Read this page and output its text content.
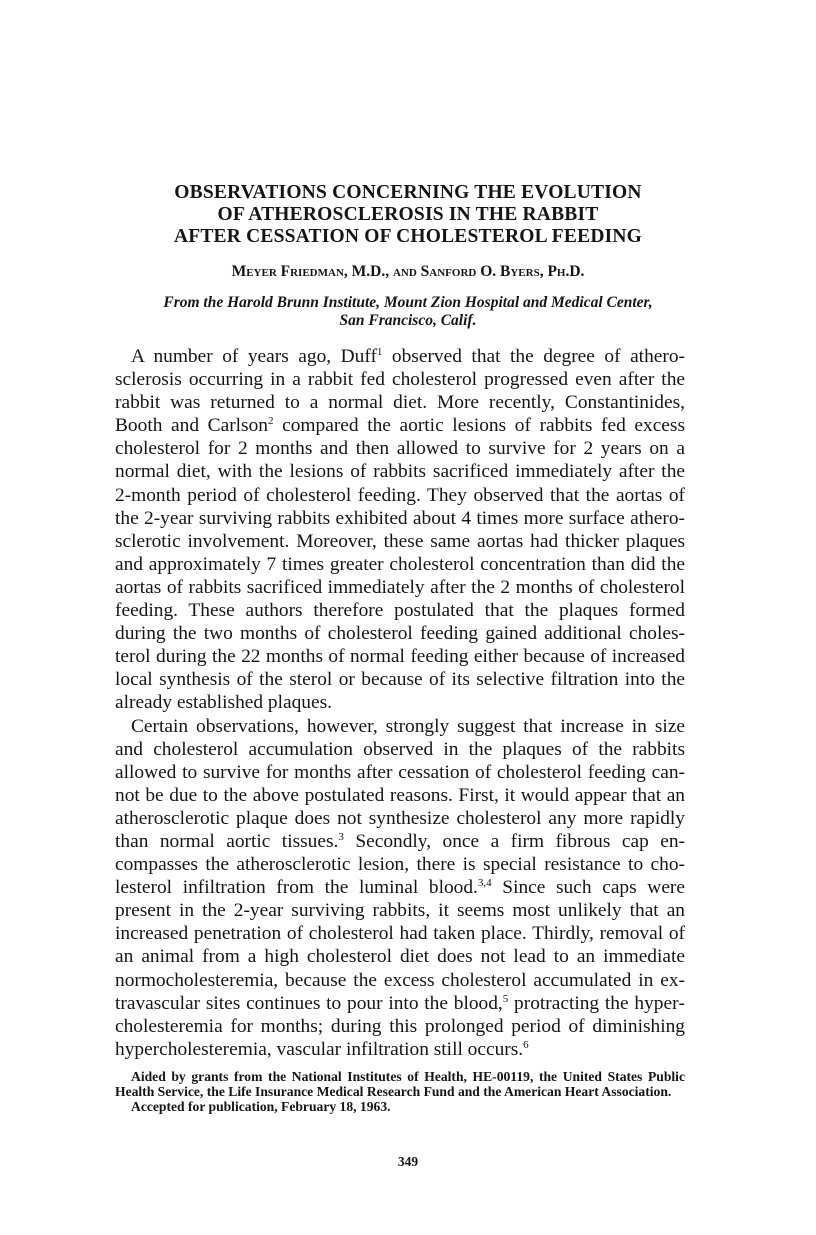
OBSERVATIONS CONCERNING THE EVOLUTION
OF ATHEROSCLEROSIS IN THE RABBIT
AFTER CESSATION OF CHOLESTEROL FEEDING
Meyer Friedman, M.D., and Sanford O. Byers, Ph.D.
From the Harold Brunn Institute, Mount Zion Hospital and Medical Center,
San Francisco, Calif.

A number of years ago, Duff$^1$ observed that the degree of atherosclerosis occurring in a rabbit fed cholesterol progressed even after the rabbit was returned to a normal diet. More recently, Constantinides, Booth and Carlson$^2$ compared the aortic lesions of rabbits fed excess cholesterol for 2 months and then allowed to survive for 2 years on a normal diet, with the lesions of rabbits sacrificed immediately after the 2-month period of cholesterol feeding. They observed that the aortas of the 2-year surviving rabbits exhibited about 4 times more surface atherosclerotic involvement. Moreover, these same aortas had thicker plaques and approximately 7 times greater cholesterol concentration than did the aortas of rabbits sacrificed immediately after the 2 months of cholesterol feeding. These authors therefore postulated that the plaques formed during the two months of cholesterol feeding gained additional cholesterol during the 22 months of normal feeding either because of increased local synthesis of the sterol or because of its selective filtration into the already established plaques.

Certain observations, however, strongly suggest that increase in size and cholesterol accumulation observed in the plaques of the rabbits allowed to survive for months after cessation of cholesterol feeding cannot be due to the above postulated reasons. First, it would appear that an atherosclerotic plaque does not synthesize cholesterol any more rapidly than normal aortic tissues.$^3$ Secondly, once a firm fibrous cap encompasses the atherosclerotic lesion, there is special resistance to cholesterol infiltration from the luminal blood.$^{3,4}$ Since such caps were present in the 2-year surviving rabbits, it seems most unlikely that an increased penetration of cholesterol had taken place. Thirdly, removal of an animal from a high cholesterol diet does not lead to an immediate normocholesteremia, because the excess cholesterol accumulated in extravascular sites continues to pour into the blood,$^5$ protracting the hypercholesteremia for months; during this prolonged period of diminishing hypercholesteremia, vascular infiltration still occurs.$^6$

Aided by grants from the National Institutes of Health, HE-00119, the United States Public Health Service, the Life Insurance Medical Research Fund and the American Heart Association.

Accepted for publication, February 18, 1963.

349
